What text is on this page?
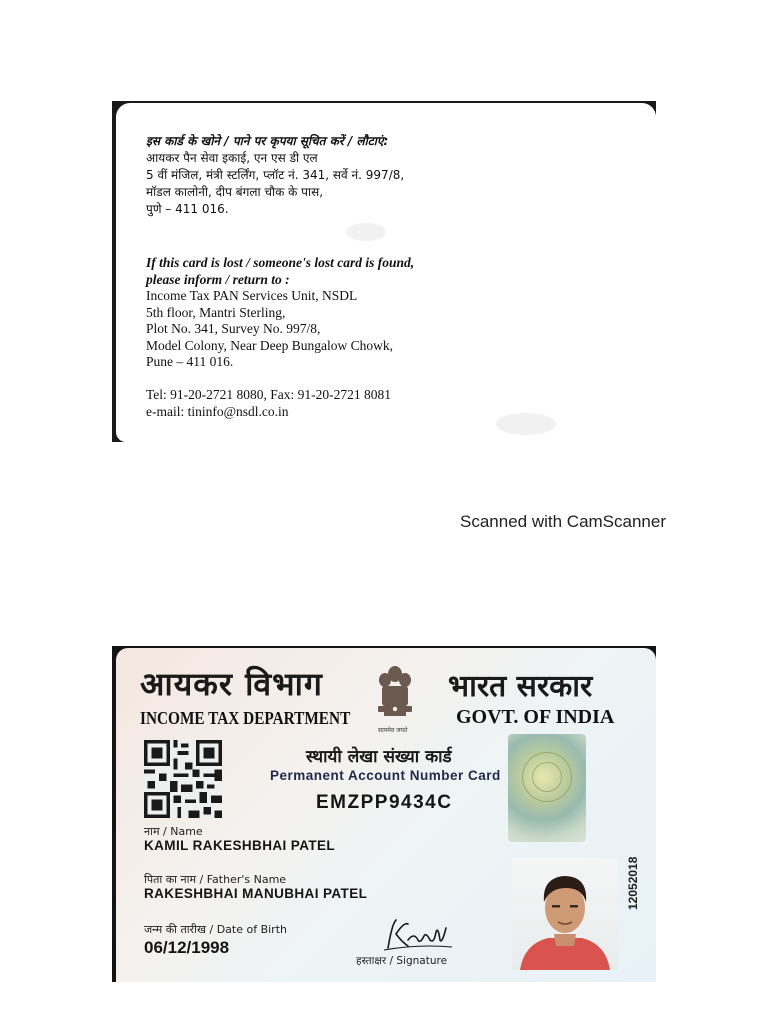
इस कार्ड के खोने / पाने पर कृपया सूचित करें / लौटाएं:
आयकर पैन सेवा इकाई, एन एस डी एल
5 वीं मंजिल, मंत्री स्टर्लिंग, प्लॉट नं. 341, सर्वे नं. 997/8,
मॉडल कालोनी, दीप बंगला चौक के पास,
पुणे – 411 016.
If this card is lost / someone's lost card is found,
please inform / return to :
Income Tax PAN Services Unit, NSDL
5th floor, Mantri Sterling,
Plot No. 341, Survey No. 997/8,
Model Colony, Near Deep Bungalow Chowk,
Pune – 411 016.
Tel: 91-20-2721 8080, Fax: 91-20-2721 8081
e-mail: tininfo@nsdl.co.in
Scanned with CamScanner
आयकर विभाग
INCOME TAX DEPARTMENT
सत्यमेव जयते
भारत सरकार
GOVT. OF INDIA
स्थायी लेखा संख्या कार्ड
Permanent Account Number Card
EMZPP9434C
नाम / Name
KAMIL RAKESHBHAI PATEL
पिता का नाम / Father's Name
RAKESHBHAI MANUBHAI PATEL
जन्म की तारीख / Date of Birth
06/12/1998
हस्ताक्षर / Signature
12052018
